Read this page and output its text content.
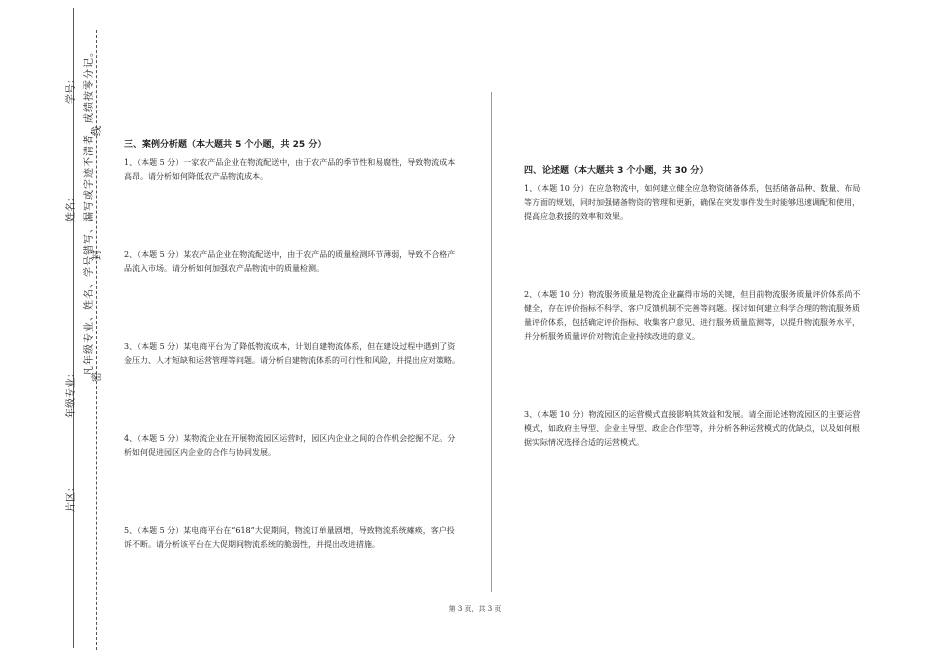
学号：
姓名：
年级专业：
片区：
凡年级专业、姓名、学号错写、漏写或字迹不清者，成绩按零分记。
密
封
线
三、案例分析题（本大题共 5 个小题，共 25 分）

1、（本题 5 分）一家农产品企业在物流配送中，由于农产品的季节性和易腐性，导致物流成本高昂。请分析如何降低农产品物流成本。

2、（本题 5 分）某农产品企业在物流配送中，由于农产品的质量检测环节薄弱，导致不合格产品流入市场。请分析如何加强农产品物流中的质量检测。

3、（本题 5 分）某电商平台为了降低物流成本，计划自建物流体系，但在建设过程中遇到了资金压力、人才短缺和运营管理等问题。请分析自建物流体系的可行性和风险，并提出应对策略。

4、（本题 5 分）某物流企业在开展物流园区运营时，园区内企业之间的合作机会挖掘不足。分析如何促进园区内企业的合作与协同发展。

5、（本题 5 分）某电商平台在“618”大促期间，物流订单量剧增，导致物流系统瘫痪，客户投诉不断。请分析该平台在大促期间物流系统的脆弱性，并提出改进措施。

四、论述题（本大题共 3 个小题，共 30 分）

1、（本题 10 分）在应急物流中，如何建立健全应急物资储备体系，包括储备品种、数量、布局等方面的规划，同时加强储备物资的管理和更新，确保在突发事件发生时能够迅速调配和使用，提高应急救援的效率和效果。

2、（本题 10 分）物流服务质量是物流企业赢得市场的关键，但目前物流服务质量评价体系尚不健全，存在评价指标不科学、客户反馈机制不完善等问题。探讨如何建立科学合理的物流服务质量评价体系，包括确定评价指标、收集客户意见、进行服务质量监测等，以提升物流服务水平，并分析服务质量评价对物流企业持续改进的意义。

3、（本题 10 分）物流园区的运营模式直接影响其效益和发展。请全面论述物流园区的主要运营模式，如政府主导型、企业主导型、政企合作型等，并分析各种运营模式的优缺点，以及如何根据实际情况选择合适的运营模式。

第 3 页，共 3 页
